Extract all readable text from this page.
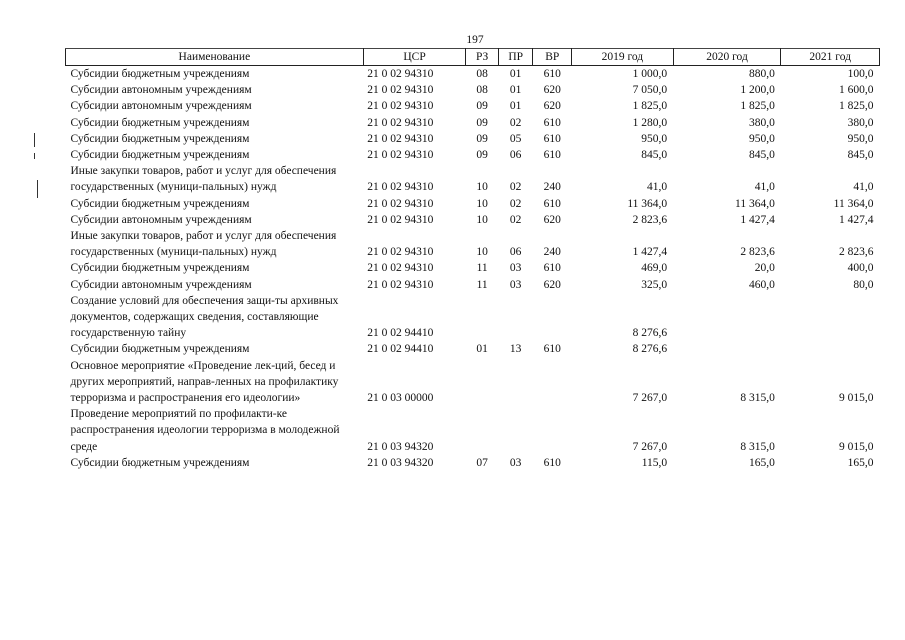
197
Наименование	ЦСР	РЗ	ПР	ВР	2019 год	2020 год	2021 год
Субсидии бюджетным учреждениям	21 0 02 94310	08	01	610	1 000,0	880,0	100,0
Субсидии автономным учреждениям	21 0 02 94310	08	01	620	7 050,0	1 200,0	1 600,0
Субсидии автономным учреждениям	21 0 02 94310	09	01	620	1 825,0	1 825,0	1 825,0
Субсидии бюджетным учреждениям	21 0 02 94310	09	02	610	1 280,0	380,0	380,0
Субсидии бюджетным учреждениям	21 0 02 94310	09	05	610	950,0	950,0	950,0
Субсидии бюджетным учреждениям	21 0 02 94310	09	06	610	845,0	845,0	845,0
Иные закупки товаров, работ и услуг для обеспечения государственных (муници-пальных) нужд	21 0 02 94310	10	02	240	41,0	41,0	41,0
Субсидии бюджетным учреждениям	21 0 02 94310	10	02	610	11 364,0	11 364,0	11 364,0
Субсидии автономным учреждениям	21 0 02 94310	10	02	620	2 823,6	1 427,4	1 427,4
Иные закупки товаров, работ и услуг для обеспечения государственных (муници-пальных) нужд	21 0 02 94310	10	06	240	1 427,4	2 823,6	2 823,6
Субсидии бюджетным учреждениям	21 0 02 94310	11	03	610	469,0	20,0	400,0
Субсидии автономным учреждениям	21 0 02 94310	11	03	620	325,0	460,0	80,0
Создание условий для обеспечения защи-ты архивных документов, содержащих сведения, составляющие государственную тайну	21 0 02 94410				8 276,6		
Субсидии бюджетным учреждениям	21 0 02 94410	01	13	610	8 276,6		
Основное мероприятие «Проведение лек-ций, бесед и других мероприятий, направ-ленных на профилактику терроризма и распространения его идеологии»	21 0 03 00000				7 267,0	8 315,0	9 015,0
Проведение мероприятий по профилакти-ке распространения идеологии терроризма в молодежной среде	21 0 03 94320				7 267,0	8 315,0	9 015,0
Субсидии бюджетным учреждениям	21 0 03 94320	07	03	610	115,0	165,0	165,0
